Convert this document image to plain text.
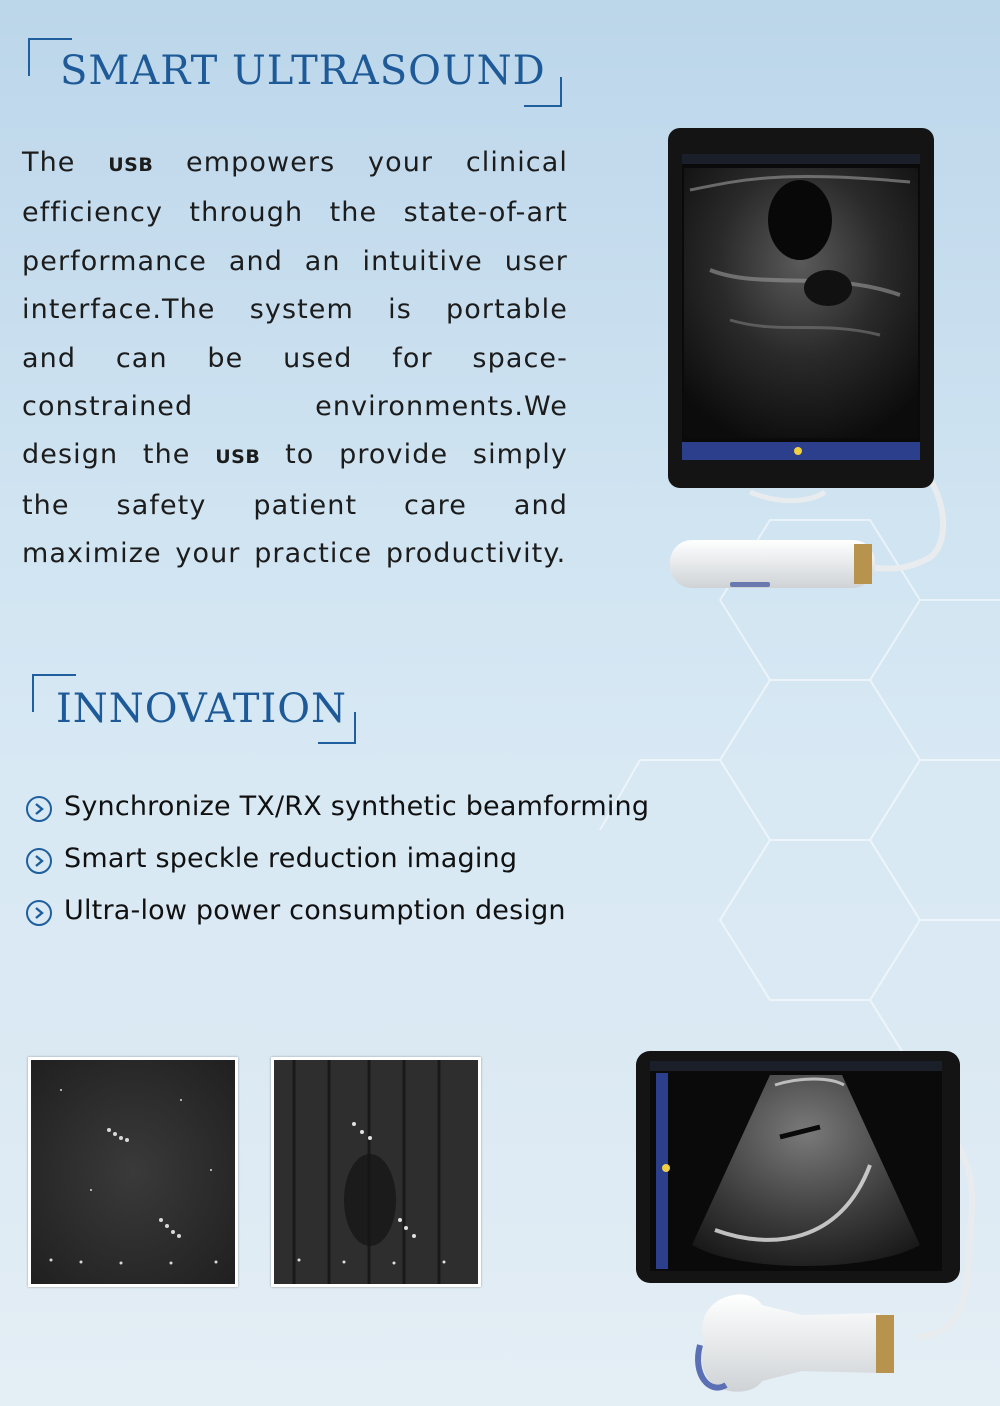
SMART ULTRASOUND
The USB empowers your clinical efficiency through the state-of-art performance and an intuitive user interface.The system is portable and can be used for space-constrained environments.We design the USB to provide simply the safety patient care and maximize your practice productivity.
INNOVATION
Synchronize TX/RX synthetic beamforming
Smart speckle reduction imaging
Ultra-low power consumption design
